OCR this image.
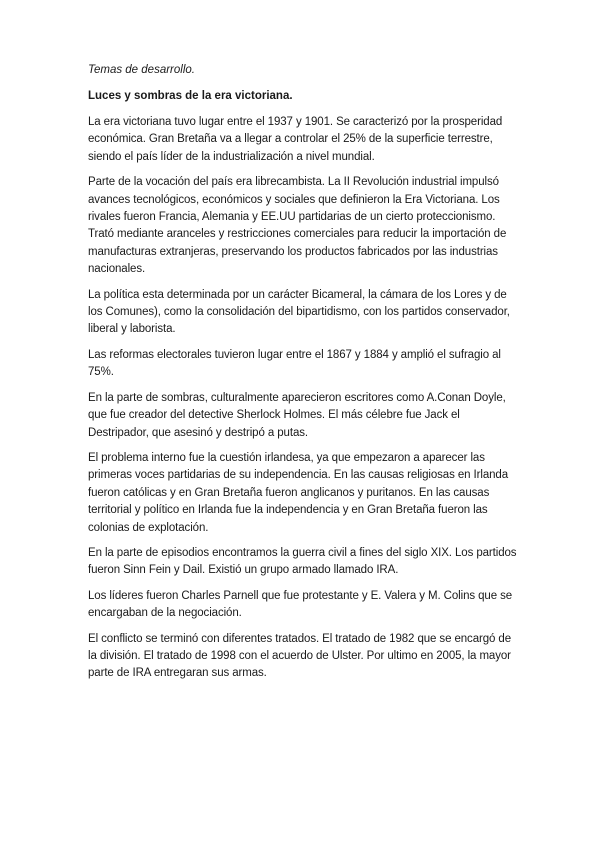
Temas de desarrollo.

Luces y sombras de la era victoriana.

La era victoriana tuvo lugar entre el 1937 y 1901. Se caracterizó por la prosperidad económica. Gran Bretaña va a llegar a controlar el 25% de la superficie terrestre, siendo el país líder de la industrialización a nivel mundial.

Parte de la vocación del país era librecambista. La II Revolución industrial impulsó avances tecnológicos, económicos y sociales que definieron la Era Victoriana. Los rivales fueron Francia, Alemania y EE.UU partidarias de un cierto proteccionismo. Trató mediante aranceles y restricciones comerciales para reducir la importación de manufacturas extranjeras, preservando los productos fabricados por las industrias nacionales.

La política esta determinada por un carácter Bicameral, la cámara de los Lores y de los Comunes), como la consolidación del bipartidismo, con los partidos conservador, liberal y laborista.

Las reformas electorales tuvieron lugar entre el 1867 y 1884 y amplió el sufragio al 75%.

En la parte de sombras, culturalmente aparecieron escritores como A.Conan Doyle, que fue creador del detective Sherlock Holmes. El más célebre fue Jack el Destripador, que asesinó y destripó a putas.

El problema interno fue la cuestión irlandesa, ya que empezaron a aparecer las primeras voces partidarias de su independencia. En las causas religiosas en Irlanda fueron católicas y en Gran Bretaña fueron anglicanos y puritanos. En las causas territorial y político en Irlanda fue la independencia y en Gran Bretaña fueron las colonias de explotación.

En la parte de episodios encontramos la guerra civil a fines del siglo XIX. Los partidos fueron Sinn Fein y Dail. Existió un grupo armado llamado IRA.

Los líderes fueron Charles Parnell que fue protestante y E. Valera y M. Colins que se encargaban de la negociación.

El conflicto se terminó con diferentes tratados. El tratado de 1982 que se encargó de la división. El tratado de 1998 con el acuerdo de Ulster. Por ultimo en 2005, la mayor parte de IRA entregaran sus armas.
